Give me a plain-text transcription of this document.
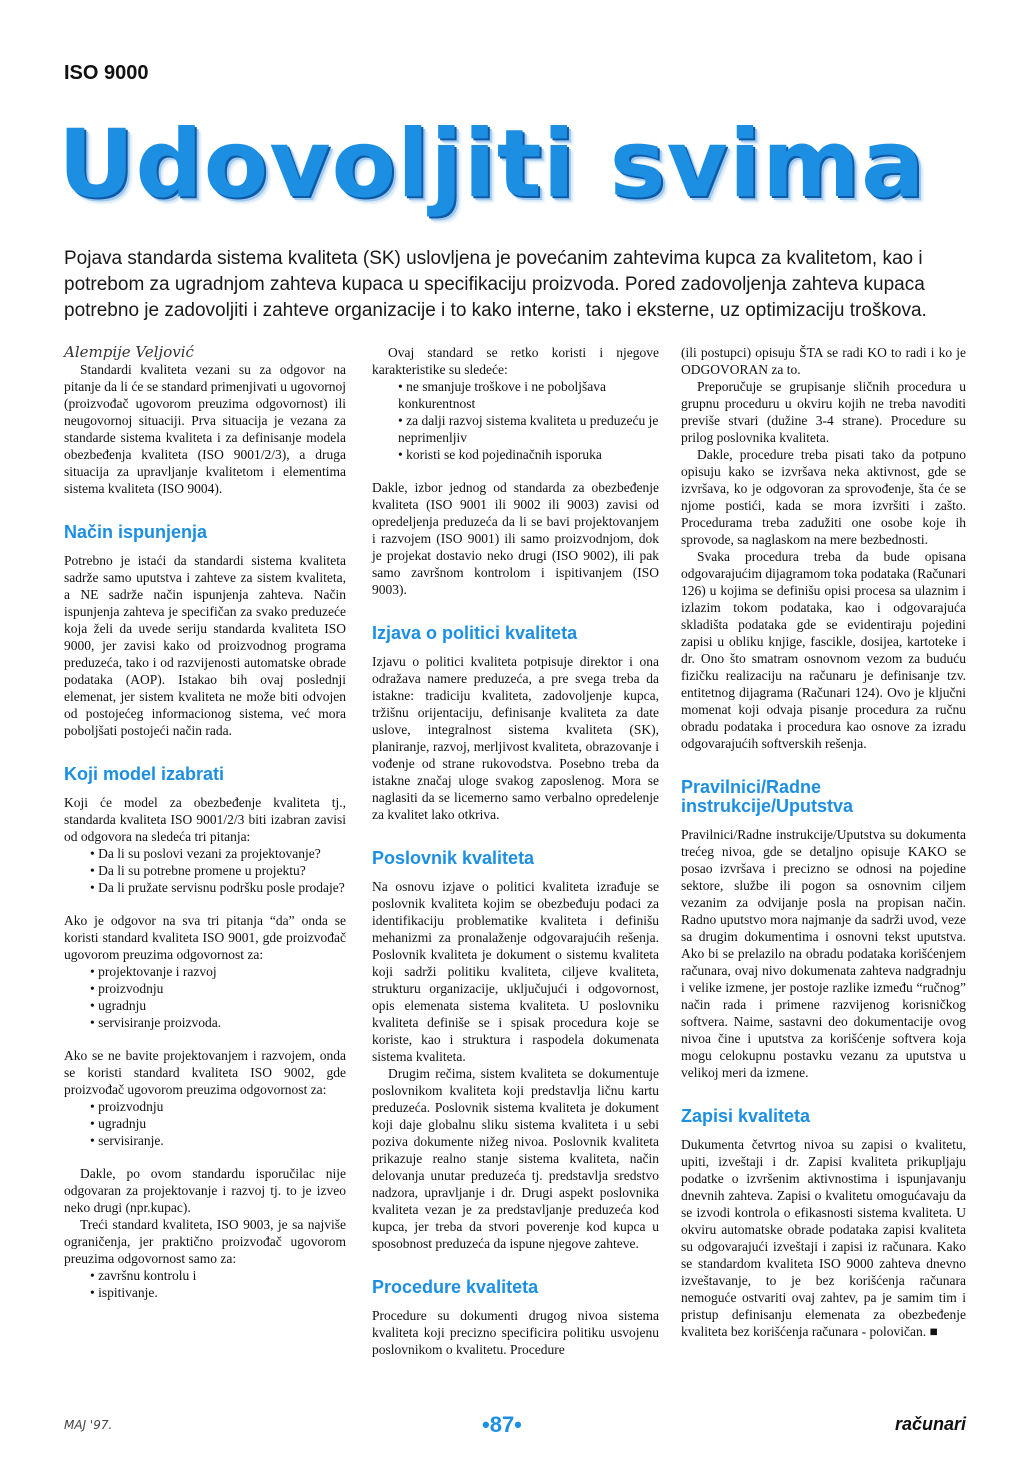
ISO 9000
Udovoljiti svima

Pojava standarda sistema kvaliteta (SK) uslovljena je povećanim zahtevima kupca za kvalitetom, kao i potrebom za ugradnjom zahteva kupaca u specifikaciju proizvoda. Pored zadovoljenja zahteva kupaca potrebno je zadovoljiti i zahteve organizacije i to kako interne, tako i eksterne, uz optimizaciju troškova.

Alempije Veljović

Standardi kvaliteta vezani su za odgovor na pitanje da li će se standard primenjivati u ugovornoj (proizvođač ugovorom preuzima odgovornost) ili neugovornoj situaciji. Prva situacija je vezana za standarde sistema kvaliteta i za definisanje modela obezbeđenja kvaliteta (ISO 9001/2/3), a druga situacija za upravljanje kvalitetom i elementima sistema kvaliteta (ISO 9004).

Način ispunjenja

Potrebno je istaći da standardi sistema kvaliteta sadrže samo uputstva i zahteve za sistem kvaliteta, a NE sadrže način ispunjenja zahteva. Način ispunjenja zahteva je specifičan za svako preduzeće koja želi da uvede seriju standarda kvaliteta ISO 9000, jer zavisi kako od proizvodnog programa preduzeća, tako i od razvijenosti automatske obrade podataka (AOP). Istakao bih ovaj poslednji elemenat, jer sistem kvaliteta ne može biti odvojen od postojećeg informacionog sistema, već mora poboljšati postojeći način rada.

Koji model izabrati

Koji će model za obezbeđenje kvaliteta tj., standarda kvaliteta ISO 9001/2/3 biti izabran zavisi od odgovora na sledeća tri pitanja:

• Da li su poslovi vezani za projektovanje?
• Da li su potrebne promene u projektu?
• Da li pružate servisnu podršku posle prodaje?

Ako je odgovor na sva tri pitanja “da” onda se koristi standard kvaliteta ISO 9001, gde proizvođač ugovorom preuzima odgovornost za:

• projektovanje i razvoj
• proizvodnju
• ugradnju
• servisiranje proizvoda.

Ako se ne bavite projektovanjem i razvojem, onda se koristi standard kvaliteta ISO 9002, gde proizvođač ugovorom preuzima odgovornost za:

• proizvodnju
• ugradnju
• servisiranje.

Dakle, po ovom standardu isporučilac nije odgovaran za projektovanje i razvoj tj. to je izveo neko drugi (npr.kupac).

Treći standard kvaliteta, ISO 9003, je sa najviše ograničenja, jer praktično proizvođač ugovorom preuzima odgovornost samo za:

• završnu kontrolu i
• ispitivanje.

Ovaj standard se retko koristi i njegove karakteristike su sledeće:

• ne smanjuje troškove i ne poboljšava konkurentnost
• za dalji razvoj sistema kvaliteta u preduzeću je neprimenljiv
• koristi se kod pojedinačnih isporuka

Dakle, izbor jednog od standarda za obezbeđenje kvaliteta (ISO 9001 ili 9002 ili 9003) zavisi od opredeljenja preduzeća da li se bavi projektovanjem i razvojem (ISO 9001) ili samo proizvodnjom, dok je projekat dostavio neko drugi (ISO 9002), ili pak samo završnom kontrolom i ispitivanjem (ISO 9003).

Izjava o politici kvaliteta

Izjavu o politici kvaliteta potpisuje direktor i ona odražava namere preduzeća, a pre svega treba da istakne: tradiciju kvaliteta, zadovoljenje kupca, tržišnu orijentaciju, definisanje kvaliteta za date uslove, integralnost sistema kvaliteta (SK), planiranje, razvoj, merljivost kvaliteta, obrazovanje i vođenje od strane rukovodstva. Posebno treba da istakne značaj uloge svakog zaposlenog. Mora se naglasiti da se licemerno samo verbalno opredelenje za kvalitet lako otkriva.

Poslovnik kvaliteta

Na osnovu izjave o politici kvaliteta izrađuje se poslovnik kvaliteta kojim se obezbeđuju podaci za identifikaciju problematike kvaliteta i definišu mehanizmi za pronalaženje odgovarajućih rešenja. Poslovnik kvaliteta je dokument o sistemu kvaliteta koji sadrži politiku kvaliteta, ciljeve kvaliteta, strukturu organizacije, uključujući i odgovornost, opis elemenata sistema kvaliteta. U poslovniku kvaliteta definiše se i spisak procedura koje se koriste, kao i struktura i raspodela dokumenata sistema kvaliteta.

Drugim rečima, sistem kvaliteta se dokumentuje poslovnikom kvaliteta koji predstavlja ličnu kartu preduzeća. Poslovnik sistema kvaliteta je dokument koji daje globalnu sliku sistema kvaliteta i u sebi poziva dokumente nižeg nivoa. Poslovnik kvaliteta prikazuje realno stanje sistema kvaliteta, način delovanja unutar preduzeća tj. predstavlja sredstvo nadzora, upravljanje i dr. Drugi aspekt poslovnika kvaliteta vezan je za predstavljanje preduzeća kod kupca, jer treba da stvori poverenje kod kupca u sposobnost preduzeća da ispune njegove zahteve.

Procedure kvaliteta

Procedure su dokumenti drugog nivoa sistema kvaliteta koji precizno specificira politiku usvojenu poslovnikom o kvalitetu. Procedure

(ili postupci) opisuju ŠTA se radi KO to radi i ko je ODGOVORAN za to.

Preporučuje se grupisanje sličnih procedura u grupnu proceduru u okviru kojih ne treba navoditi previše stvari (dužine 3-4 strane). Procedure su prilog poslovnika kvaliteta.

Dakle, procedure treba pisati tako da potpuno opisuju kako se izvršava neka aktivnost, gde se izvršava, ko je odgovoran za sprovođenje, šta će se njome postići, kada se mora izvršiti i zašto. Procedurama treba zadužiti one osobe koje ih sprovode, sa naglaskom na mere bezbednosti.

Svaka procedura treba da bude opisana odgovarajućim dijagramom toka podataka (Računari 126) u kojima se definišu opisi procesa sa ulaznim i izlazim tokom podataka, kao i odgovarajuća skladišta podataka gde se evidentiraju pojedini zapisi u obliku knjige, fascikle, dosijea, kartoteke i dr. Ono što smatram osnovnom vezom za buduću fizičku realizaciju na računaru je definisanje tzv. entitetnog dijagrama (Računari 124). Ovo je ključni momenat koji odvaja pisanje procedura za ručnu obradu podataka i procedura kao osnove za izradu odgovarajućih softverskih rešenja.

Pravilnici/Radne instrukcije/Uputstva

Pravilnici/Radne instrukcije/Uputstva su dokumenta trećeg nivoa, gde se detaljno opisuje KAKO se posao izvršava i precizno se odnosi na pojedine sektore, službe ili pogon sa osnovnim ciljem vezanim za odvijanje posla na propisan način. Radno uputstvo mora najmanje da sadrži uvod, veze sa drugim dokumentima i osnovni tekst uputstva. Ako bi se prelazilo na obradu podataka korišćenjem računara, ovaj nivo dokumenata zahteva nadgradnju i velike izmene, jer postoje razlike između “ručnog” način rada i primene razvijenog korisničkog softvera. Naime, sastavni deo dokumentacije ovog nivoa čine i uputstva za korišćenje softvera koja mogu celokupnu postavku vezanu za uputstva u velikoj meri da izmene.

Zapisi kvaliteta

Dukumenta četvrtog nivoa su zapisi o kvalitetu, upiti, izveštaji i dr. Zapisi kvaliteta prikupljaju podatke o izvršenim aktivnostima i ispunjavanju dnevnih zahteva. Zapisi o kvalitetu omogućavaju da se izvodi kontrola o efikasnosti sistema kvaliteta. U okviru automatske obrade podataka zapisi kvaliteta su odgovarajući izveštaji i zapisi iz računara. Kako se standardom kvaliteta ISO 9000 zahteva dnevno izveštavanje, to je bez korišćenja računara nemoguće ostvariti ovaj zahtev, pa je samim tim i pristup definisanju elemenata za obezbeđenje kvaliteta bez korišćenja računara - polovičan. ■

MAJ '97.	•87•	računari
